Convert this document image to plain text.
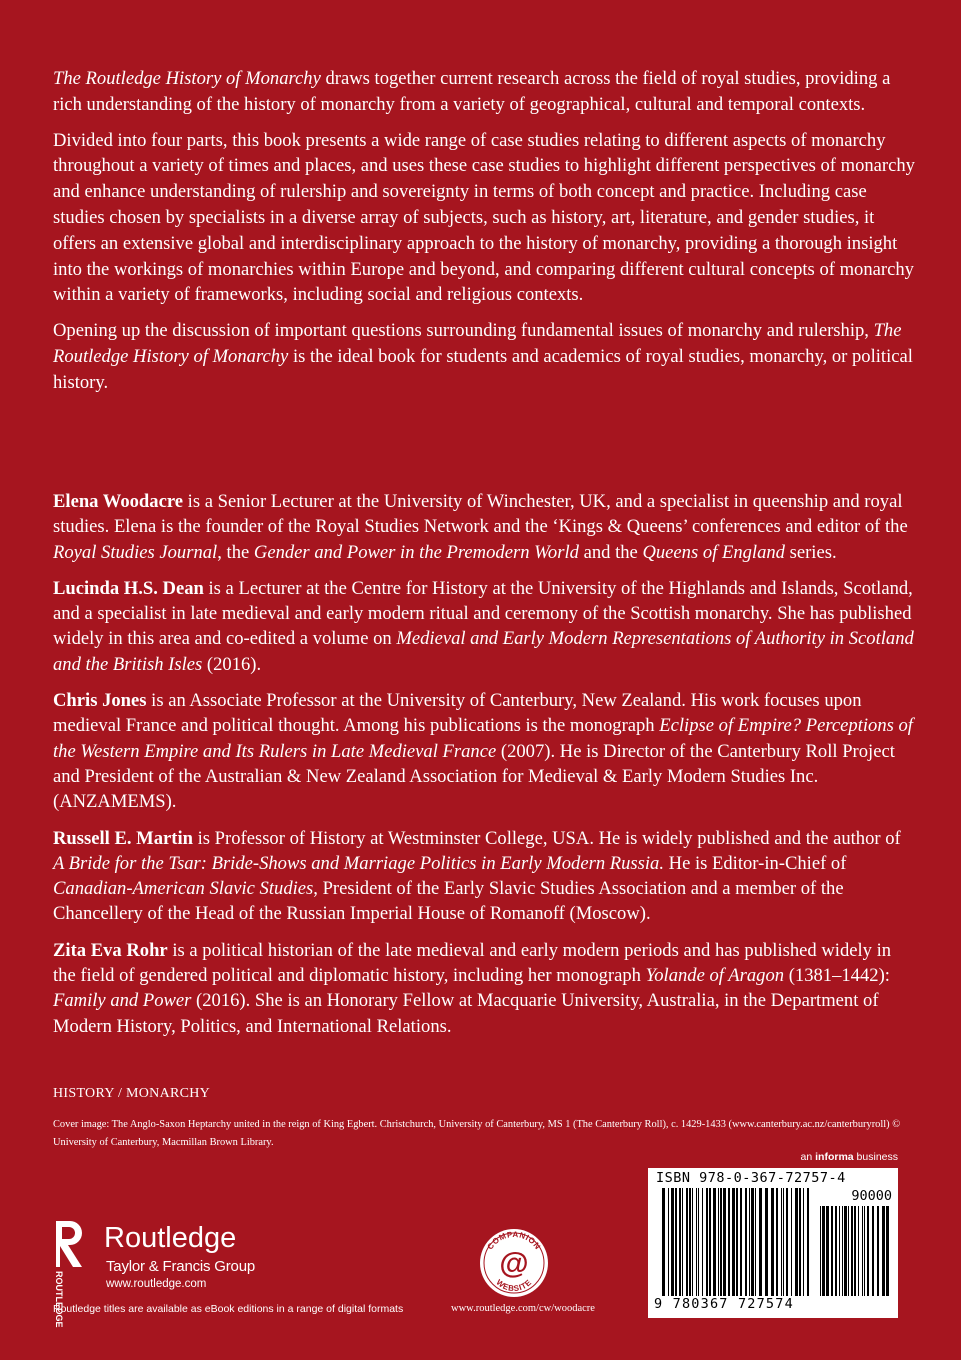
The Routledge History of Monarchy draws together current research across the field of royal studies, providing a rich understanding of the history of monarchy from a variety of geographical, cultural and temporal contexts.

Divided into four parts, this book presents a wide range of case studies relating to different aspects of monarchy throughout a variety of times and places, and uses these case studies to highlight different perspectives of monarchy and enhance understanding of rulership and sovereignty in terms of both concept and practice. Including case studies chosen by specialists in a diverse array of subjects, such as history, art, literature, and gender studies, it offers an extensive global and interdisciplinary approach to the history of monarchy, providing a thorough insight into the workings of monarchies within Europe and beyond, and comparing different cultural concepts of monarchy within a variety of frameworks, including social and religious contexts.

Opening up the discussion of important questions surrounding fundamental issues of monarchy and rulership, The Routledge History of Monarchy is the ideal book for students and academics of royal studies, monarchy, or political history.

Elena Woodacre is a Senior Lecturer at the University of Winchester, UK, and a specialist in queenship and royal studies. Elena is the founder of the Royal Studies Network and the ‘Kings & Queens’ conferences and editor of the Royal Studies Journal, the Gender and Power in the Premodern World and the Queens of England series.

Lucinda H.S. Dean is a Lecturer at the Centre for History at the University of the Highlands and Islands, Scotland, and a specialist in late medieval and early modern ritual and ceremony of the Scottish monarchy. She has published widely in this area and co-edited a volume on Medieval and Early Modern Representations of Authority in Scotland and the British Isles (2016).

Chris Jones is an Associate Professor at the University of Canterbury, New Zealand. His work focuses upon medieval France and political thought. Among his publications is the monograph Eclipse of Empire? Perceptions of the Western Empire and Its Rulers in Late Medieval France (2007). He is Director of the Canterbury Roll Project and President of the Australian & New Zealand Association for Medieval & Early Modern Studies Inc. (ANZAMEMS).

Russell E. Martin is Professor of History at Westminster College, USA. He is widely published and the author of A Bride for the Tsar: Bride-Shows and Marriage Politics in Early Modern Russia. He is Editor-in-Chief of Canadian-American Slavic Studies, President of the Early Slavic Studies Association and a member of the Chancellery of the Head of the Russian Imperial House of Romanoff (Moscow).

Zita Eva Rohr is a political historian of the late medieval and early modern periods and has published widely in the field of gendered political and diplomatic history, including her monograph Yolande of Aragon (1381–1442): Family and Power (2016). She is an Honorary Fellow at Macquarie University, Australia, in the Department of Modern History, Politics, and International Relations.

HISTORY / MONARCHY
Cover image: The Anglo-Saxon Heptarchy united in the reign of King Egbert. Christchurch, University of Canterbury, MS 1 (The Canterbury Roll), c. 1429-1433 (www.canterbury.ac.nz/canterburyroll) © University of Canterbury, Macmillan Brown Library.
an informa business
ISBN 978-0-367-72757-4
90000
9 780367 727574
ROUTLEDGE
Routledge
Taylor & Francis Group
www.routledge.com
Routledge titles are available as eBook editions in a range of digital formats
COMPANION
WEBSITE
@
www.routledge.com/cw/woodacre
